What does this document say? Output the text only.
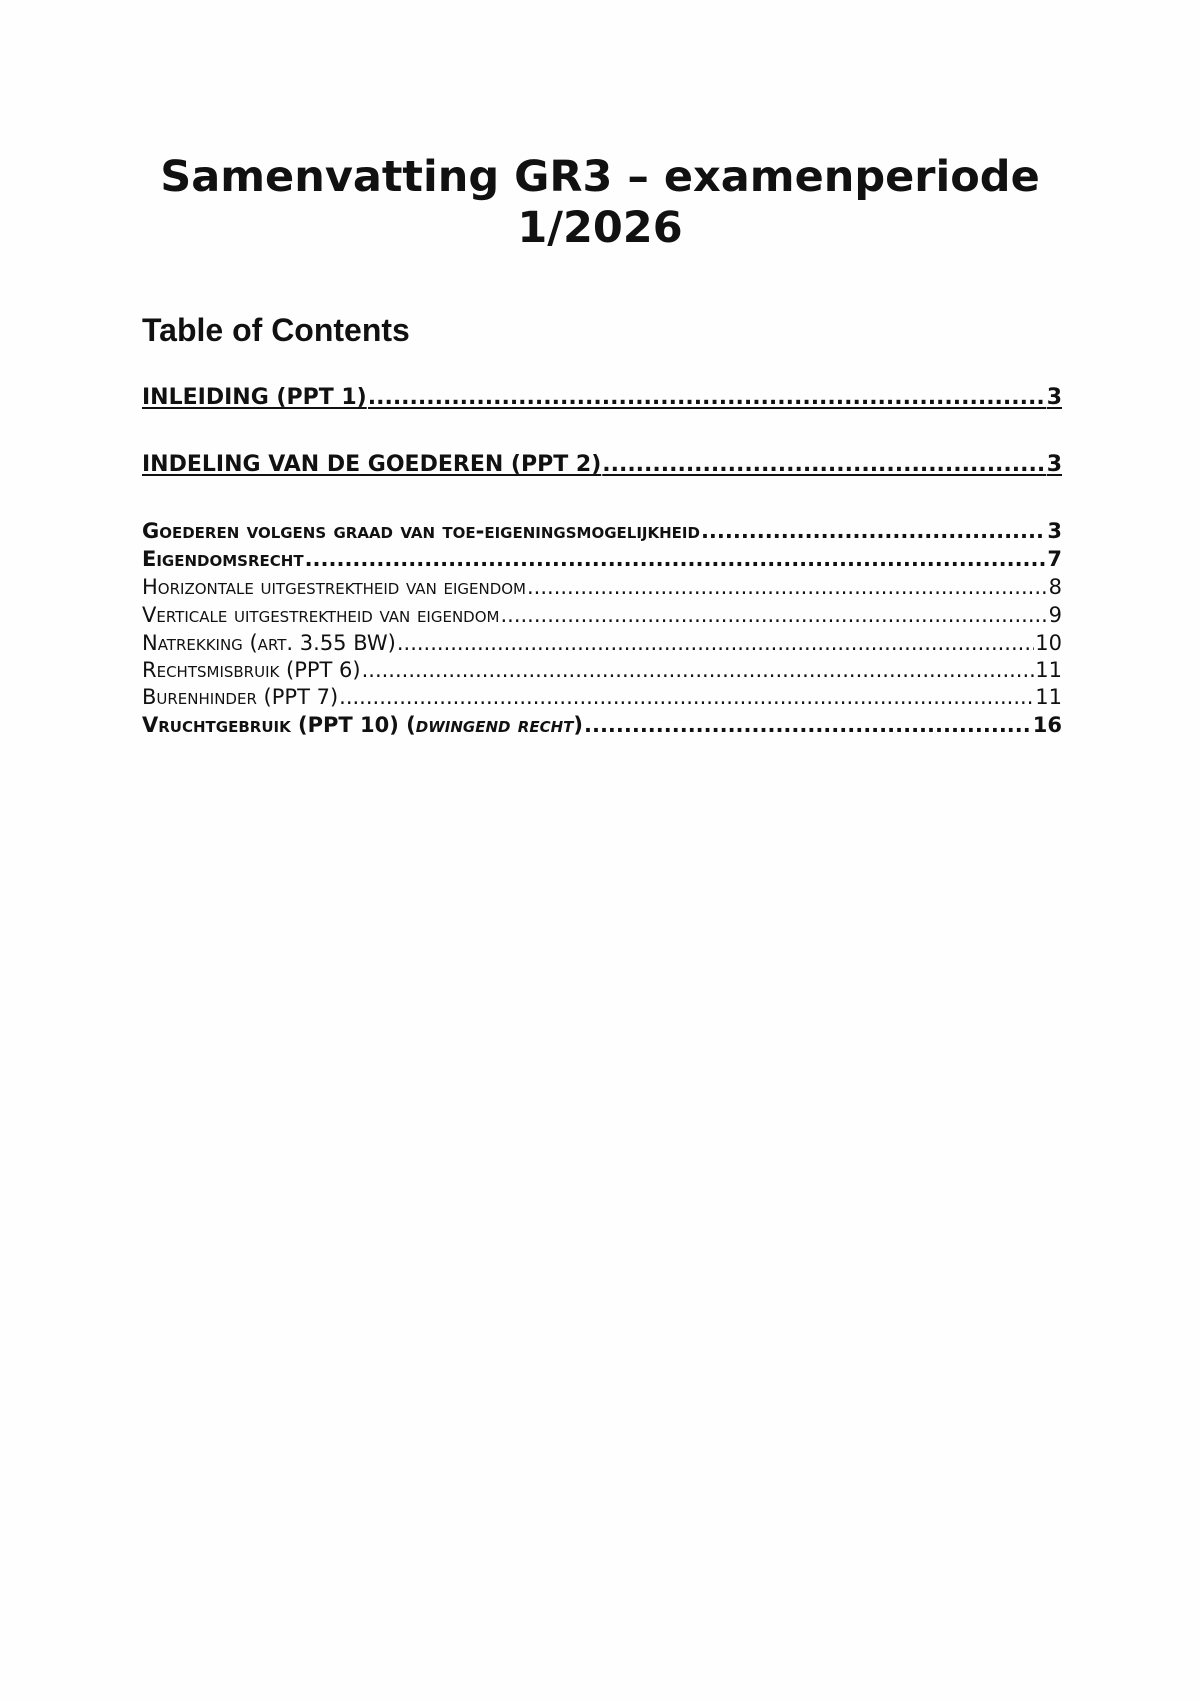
Samenvatting GR3 – examenperiode 1/2026
Table of Contents
INLEIDING (PPT 1) .....	3
INDELING VAN DE GOEDEREN (PPT 2) .....	3
Goederen volgens graad van toe-eigeningsmogelijkheid .....	3
Eigendomsrecht .....	7
Horizontale uitgestrektheid van eigendom .....	8
Verticale uitgestrektheid van eigendom .....	9
Natrekking (art. 3.55 BW) .....	10
Rechtsmisbruik (PPT 6) .....	11
Burenhinder (PPT 7) .....	11
Vruchtgebruik (PPT 10) (dwingend recht) .....	16
